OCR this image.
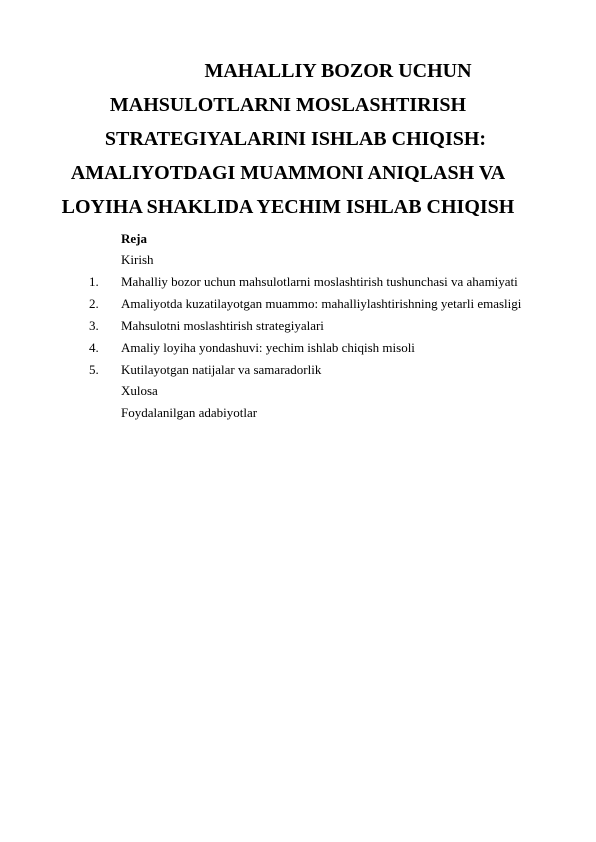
MAHALLIY BOZOR UCHUN
MAHSULOTLARNI MOSLASHTIRISH
STRATEGIYALARINI ISHLAB CHIQISH:
AMALIYOTDAGI MUAMMONI ANIQLASH VA
LOYIHA SHAKLIDA YECHIM ISHLAB CHIQISH
Reja
Kirish
1. Mahalliy bozor uchun mahsulotlarni moslashtirish tushunchasi va ahamiyati
2. Amaliyotda kuzatilayotgan muammo: mahalliylashtirishning yetarli emasligi
3. Mahsulotni moslashtirish strategiyalari
4. Amaliy loyiha yondashuvi: yechim ishlab chiqish misoli
5. Kutilayotgan natijalar va samaradorlik
Xulosa
Foydalanilgan adabiyotlar
